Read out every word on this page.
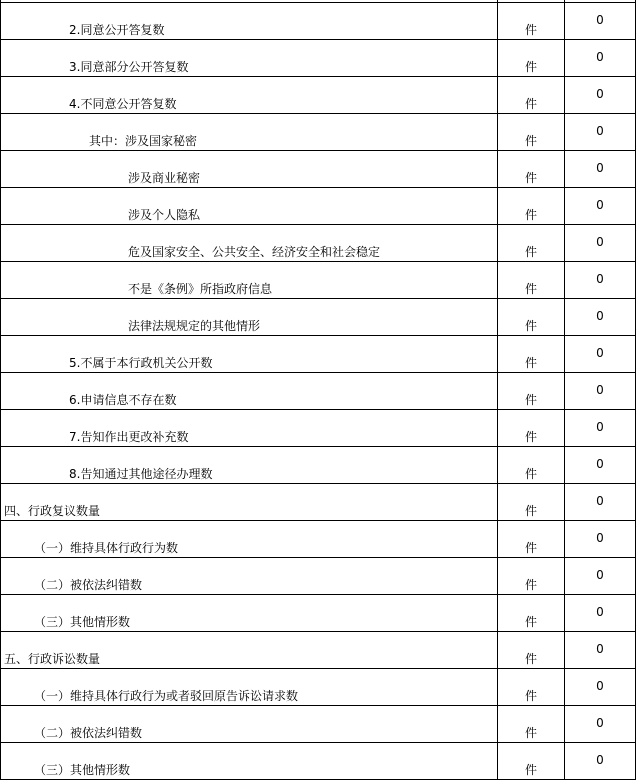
2.同意公开答复数	件	0
3.同意部分公开答复数	件	0
4.不同意公开答复数	件	0
其中：涉及国家秘密	件	0
涉及商业秘密	件	0
涉及个人隐私	件	0
危及国家安全、公共安全、经济安全和社会稳定	件	0
不是《条例》所指政府信息	件	0
法律法规规定的其他情形	件	0
5.不属于本行政机关公开数	件	0
6.申请信息不存在数	件	0
7.告知作出更改补充数	件	0
8.告知通过其他途径办理数	件	0
四、行政复议数量	件	0
（一）维持具体行政行为数	件	0
（二）被依法纠错数	件	0
（三）其他情形数	件	0
五、行政诉讼数量	件	0
（一）维持具体行政行为或者驳回原告诉讼请求数	件	0
（二）被依法纠错数	件	0
（三）其他情形数	件	0
